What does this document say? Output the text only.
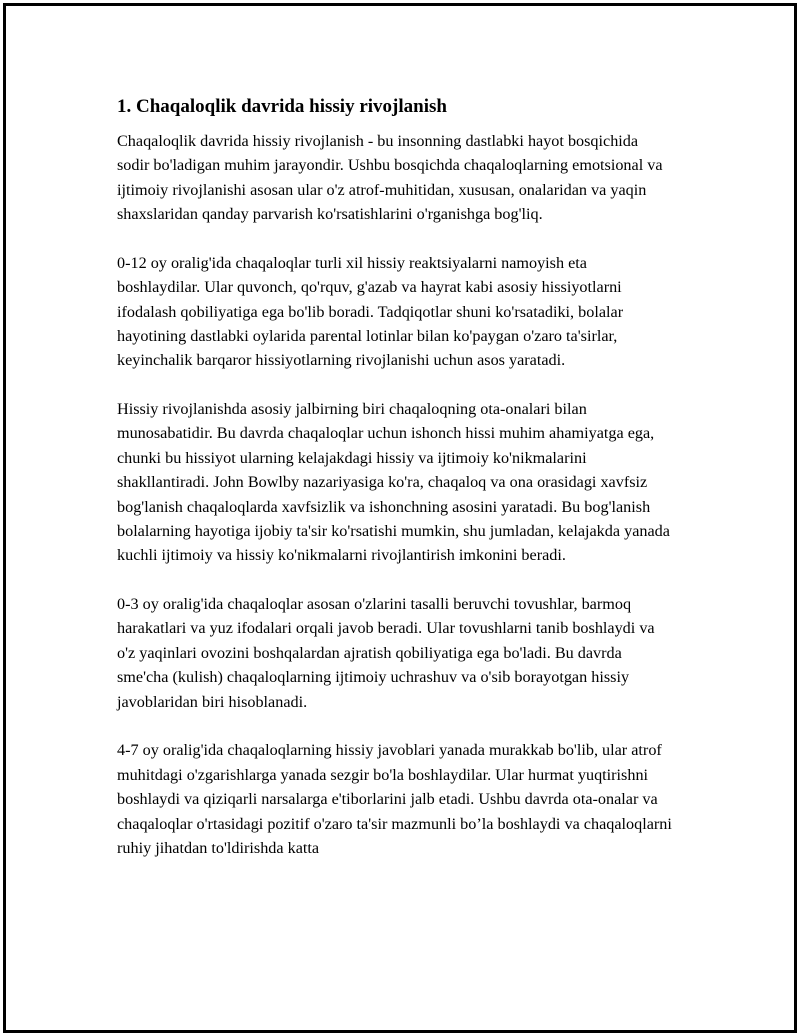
1. Chaqaloqlik davrida hissiy rivojlanish

Chaqaloqlik davrida hissiy rivojlanish - bu insonning dastlabki hayot bosqichida sodir bo'ladigan muhim jarayondir. Ushbu bosqichda chaqaloqlarning emotsional va ijtimoiy rivojlanishi asosan ular o'z atrof-muhitidan, xususan, onalaridan va yaqin shaxslaridan qanday parvarish ko'rsatishlarini o'rganishga bog'liq.

0-12 oy oralig'ida chaqaloqlar turli xil hissiy reaktsiyalarni namoyish eta boshlaydilar. Ular quvonch, qo'rquv, g'azab va hayrat kabi asosiy hissiyotlarni ifodalash qobiliyatiga ega bo'lib boradi. Tadqiqotlar shuni ko'rsatadiki, bolalar hayotining dastlabki oylarida parental lotinlar bilan ko'paygan o'zaro ta'sirlar, keyinchalik barqaror hissiyotlarning rivojlanishi uchun asos yaratadi.

Hissiy rivojlanishda asosiy jalbirning biri chaqaloqning ota-onalari bilan munosabatidir. Bu davrda chaqaloqlar uchun ishonch hissi muhim ahamiyatga ega, chunki bu hissiyot ularning kelajakdagi hissiy va ijtimoiy ko'nikmalarini shakllantiradi. John Bowlby nazariyasiga ko'ra, chaqaloq va ona orasidagi xavfsiz bog'lanish chaqaloqlarda xavfsizlik va ishonchning asosini yaratadi. Bu bog'lanish bolalarning hayotiga ijobiy ta'sir ko'rsatishi mumkin, shu jumladan, kelajakda yanada kuchli ijtimoiy va hissiy ko'nikmalarni rivojlantirish imkonini beradi.

0-3 oy oralig'ida chaqaloqlar asosan o'zlarini tasalli beruvchi tovushlar, barmoq harakatlari va yuz ifodalari orqali javob beradi. Ular tovushlarni tanib boshlaydi va o'z yaqinlari ovozini boshqalardan ajratish qobiliyatiga ega bo'ladi. Bu davrda sme'cha (kulish) chaqaloqlarning ijtimoiy uchrashuv va o'sib borayotgan hissiy javoblaridan biri hisoblanadi.

4-7 oy oralig'ida chaqaloqlarning hissiy javoblari yanada murakkab bo'lib, ular atrof muhitdagi o'zgarishlarga yanada sezgir bo'la boshlaydilar. Ular hurmat yuqtirishni boshlaydi va qiziqarli narsalarga e'tiborlarini jalb etadi. Ushbu davrda ota-onalar va chaqaloqlar o'rtasidagi pozitif o'zaro ta'sir mazmunli bo’la boshlaydi va chaqaloqlarni ruhiy jihatdan to'ldirishda katta
